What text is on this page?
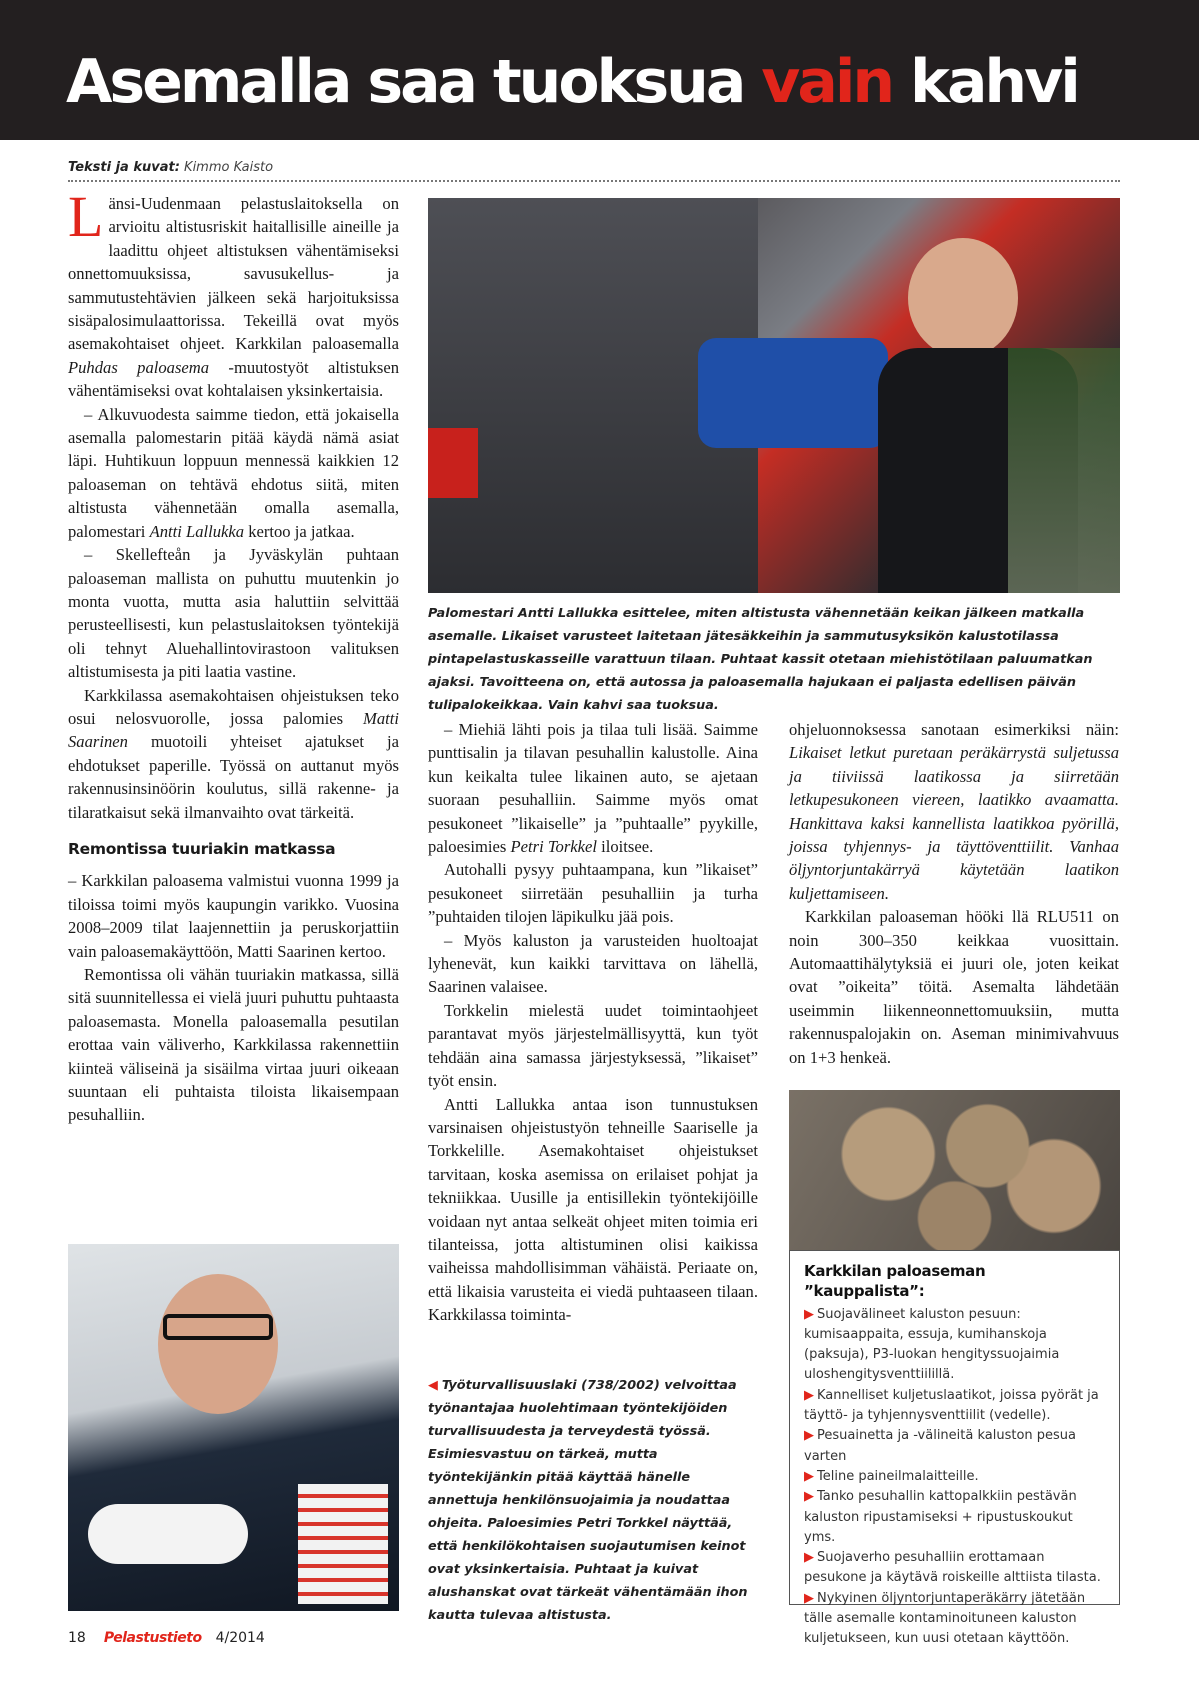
Asemalla saa tuoksua vain kahvi
Teksti ja kuvat: Kimmo Kaisto

Länsi-Uudenmaan pelastuslaitoksella on arvioitu altistusriskit haitallisille aineille ja laadittu ohjeet altistuksen vähentämiseksi onnettomuuksissa, savusukellus- ja sammutustehtävien jälkeen sekä harjoituksissa sisäpalosimulaattorissa. Tekeillä ovat myös asemakohtaiset ohjeet. Karkkilan paloasemalla Puhdas paloasema -muutostyöt altistuksen vähentämiseksi ovat kohtalaisen yksinkertaisia.

– Alkuvuodesta saimme tiedon, että jokaisella asemalla palomestarin pitää käydä nämä asiat läpi. Huhtikuun loppuun mennessä kaikkien 12 paloaseman on tehtävä ehdotus siitä, miten altistusta vähennetään omalla asemalla, palomestari Antti Lallukka kertoo ja jatkaa.

– Skellefteån ja Jyväskylän puhtaan paloaseman mallista on puhuttu muutenkin jo monta vuotta, mutta asia haluttiin selvittää perusteellisesti, kun pelastuslaitoksen työntekijä oli tehnyt Aluehallintovirastoon valituksen altistumisesta ja piti laatia vastine.

Karkkilassa asemakohtaisen ohjeistuksen teko osui nelosvuorolle, jossa palomies Matti Saarinen muotoili yhteiset ajatukset ja ehdotukset paperille. Työssä on auttanut myös rakennusinsinöörin koulutus, sillä rakenne- ja tilaratkaisut sekä ilmanvaihto ovat tärkeitä.

Remontissa tuuriakin matkassa

– Karkkilan paloasema valmistui vuonna 1999 ja tiloissa toimi myös kaupungin varikko. Vuosina 2008–2009 tilat laajennettiin ja peruskorjattiin vain paloasemakäyttöön, Matti Saarinen kertoo.

Remontissa oli vähän tuuriakin matkassa, sillä sitä suunnitellessa ei vielä juuri puhuttu puhtaasta paloasemasta. Monella paloasemalla pesutilan erottaa vain väliverho, Karkkilassa rakennettiin kiinteä väliseinä ja sisäilma virtaa juuri oikeaan suuntaan eli puhtaista tiloista likaisempaan pesuhalliin.

Palomestari Antti Lallukka esittelee, miten altistusta vähennetään keikan jälkeen matkalla asemalle. Likaiset varusteet laitetaan jätesäkkeihin ja sammutusyksikön kalustotilassa pintapelastuskasseille varattuun tilaan. Puhtaat kassit otetaan miehistötilaan paluumatkan ajaksi. Tavoitteena on, että autossa ja paloasemalla hajukaan ei paljasta edellisen päivän tulipalokeikkaa. Vain kahvi saa tuoksua.

– Miehiä lähti pois ja tilaa tuli lisää. Saimme punttisalin ja tilavan pesuhallin kalustolle. Aina kun keikalta tulee likainen auto, se ajetaan suoraan pesuhalliin. Saimme myös omat pesukoneet ”likaiselle” ja ”puhtaalle” pyykille, paloesimies Petri Torkkel iloitsee.

Autohalli pysyy puhtaampana, kun ”likaiset” pesukoneet siirretään pesuhalliin ja turha ”puhtaiden tilojen läpikulku jää pois.

– Myös kaluston ja varusteiden huoltoajat lyhenevät, kun kaikki tarvittava on lähellä, Saarinen valaisee.

Torkkelin mielestä uudet toimintaohjeet parantavat myös järjestelmällisyyttä, kun työt tehdään aina samassa järjestyksessä, ”likaiset” työt ensin.

Antti Lallukka antaa ison tunnustuksen varsinaisen ohjeistustyön tehneille Saariselle ja Torkkelille. Asemakohtaiset ohjeistukset tarvitaan, koska asemissa on erilaiset pohjat ja tekniikkaa. Uusille ja entisillekin työntekijöille voidaan nyt antaa selkeät ohjeet miten toimia eri tilanteissa, jotta altistuminen olisi kaikissa vaiheissa mahdollisimman vähäistä. Periaate on, että likaisia varusteita ei viedä puhtaaseen tilaan. Karkkilassa toiminta-

ohjeluonnoksessa sanotaan esimerkiksi näin: Likaiset letkut puretaan peräkärrystä suljetussa ja tiiviissä laatikossa ja siirretään letkupesukoneen viereen, laatikko avaamatta. Hankittava kaksi kannellista laatikkoa pyörillä, joissa tyhjennys- ja täyttöventtiilit. Vanhaa öljyntorjuntakärryä käytetään laatikon kuljettamiseen.

Karkkilan paloaseman hööki llä RLU511 on noin 300–350 keikkaa vuosittain. Automaattihälytyksiä ei juuri ole, joten keikat ovat ”oikeita” töitä. Asemalta lähdetään useimmin liikenneonnettomuuksiin, mutta rakennuspalojakin on. Aseman minimivahvuus on 1+3 henkeä.

◀ Työturvallisuuslaki (738/2002) velvoittaa työnantajaa huolehtimaan työntekijöiden turvallisuudesta ja terveydestä työssä. Esimiesvastuu on tärkeä, mutta työntekijänkin pitää käyttää hänelle annettuja henkilönsuojaimia ja noudattaa ohjeita. Paloesimies Petri Torkkel näyttää, että henkilökohtaisen suojautumisen keinot ovat yksinkertaisia. Puhtaat ja kuivat alushanskat ovat tärkeät vähentämään ihon kautta tulevaa altistusta.
Karkkilan paloaseman ”kauppalista”:
▶ Suojavälineet kaluston pesuun: kumisaappaita, essuja, kumihanskoja (paksuja), P3-luokan hengityssuojaimia uloshengitysventtiilillä.
▶ Kannelliset kuljetuslaatikot, joissa pyörät ja täyttö- ja tyhjennysventtiilit (vedelle).
▶ Pesuainetta ja -välineitä kaluston pesua varten
▶ Teline paineilmalaitteille.
▶ Tanko pesuhallin kattopalkkiin pestävän kaluston ripustamiseksi + ripustuskoukut yms.
▶ Suojaverho pesuhalliin erottamaan pesukone ja käytävä roiskeille alttiista tilasta.
▶ Nykyinen öljyntorjuntaperäkärry jätetään tälle asemalle kontaminoituneen kaluston kuljetukseen, kun uusi otetaan käyttöön.
18 Pelastustieto 4/2014
